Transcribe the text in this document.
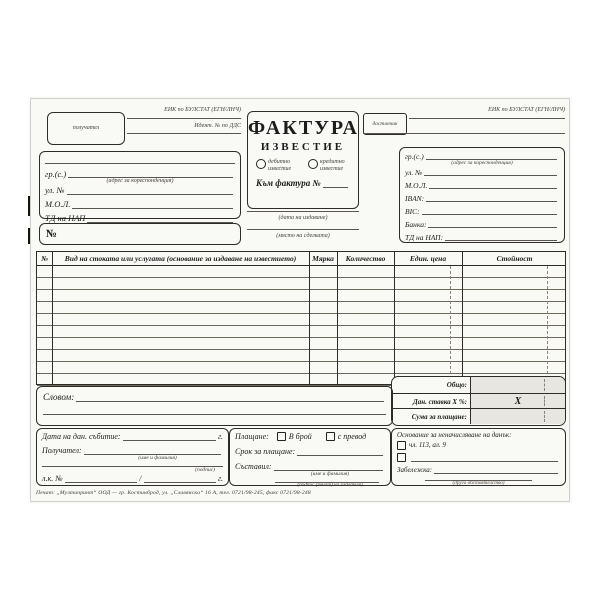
получател
ЕИК по БУЛСТАТ (ЕГН/ЛНЧ)
Идент. № по ДДС
гр.(с.)
(адрес за кореспонденция)
ул. №
М.О.Л.
ТД на НАП
№
ФАКТУРА
ИЗВЕСТИЕ
дебитно известие
кредитно известие
Към фактура №
(дата на издаване)
(място на сделката)
доставчик
ЕИК по БУЛСТАТ (ЕГН/ЛНЧ)
гр.(с.)
(адрес за кореспонденция)
ул. №
М.О.Л.
IBAN:
BIC:
Банка:
ТД на НАП:
№	Вид на стоката или услугата (основание за издаване на известието)	Мярка	Количество	Един. цена	Стойност
Общо:
Дан. ставка X %:	X
Сума за плащане:
Словом:
Дата на дан. събитие:	г.
Получател:
(име и фамилия)
(подпис)
л.к. №	/	г.
Плащане:	В брой	с превод
Срок за плащане:
Съставил:
(име и фамилия)
(подпис (печат) на издателя)
Основание за неначисляване на данък:
чл. 113, ал. 9
Забележка:
(друго обстоятелство)
Печат: „Мултипринт“ ООД — гр. Костинброд, ул. „Славянска“ 16 А, тел. 0721/98-245, факс 0721/98-248
